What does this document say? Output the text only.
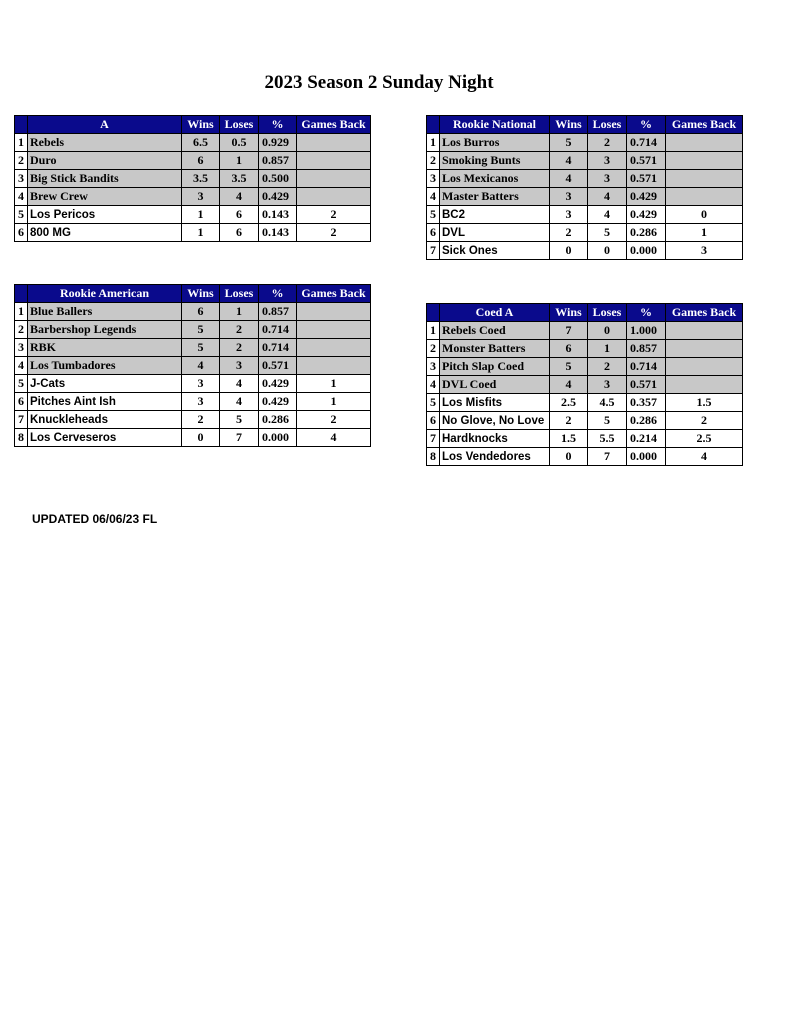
2023 Season 2 Sunday Night
	A	Wins	Loses	%	Games Back
1	Rebels	6.5	0.5	0.929	
2	Duro	6	1	0.857	
3	Big Stick Bandits	3.5	3.5	0.500	
4	Brew Crew	3	4	0.429	
5	Los Pericos	1	6	0.143	2
6	800 MG	1	6	0.143	2
	Rookie National	Wins	Loses	%	Games Back
1	Los Burros	5	2	0.714	
2	Smoking Bunts	4	3	0.571	
3	Los Mexicanos	4	3	0.571	
4	Master Batters	3	4	0.429	
5	BC2	3	4	0.429	0
6	DVL	2	5	0.286	1
7	Sick Ones	0	0	0.000	3
	Rookie American	Wins	Loses	%	Games Back
1	Blue Ballers	6	1	0.857	
2	Barbershop Legends	5	2	0.714	
3	RBK	5	2	0.714	
4	Los Tumbadores	4	3	0.571	
5	J-Cats	3	4	0.429	1
6	Pitches Aint Ish	3	4	0.429	1
7	Knuckleheads	2	5	0.286	2
8	Los Cerveseros	0	7	0.000	4
	Coed A	Wins	Loses	%	Games Back
1	Rebels Coed	7	0	1.000	
2	Monster Batters	6	1	0.857	
3	Pitch Slap Coed	5	2	0.714	
4	DVL Coed	4	3	0.571	
5	Los Misfits	2.5	4.5	0.357	1.5
6	No Glove, No Love	2	5	0.286	2
7	Hardknocks	1.5	5.5	0.214	2.5
8	Los Vendedores	0	7	0.000	4
UPDATED 06/06/23 FL
